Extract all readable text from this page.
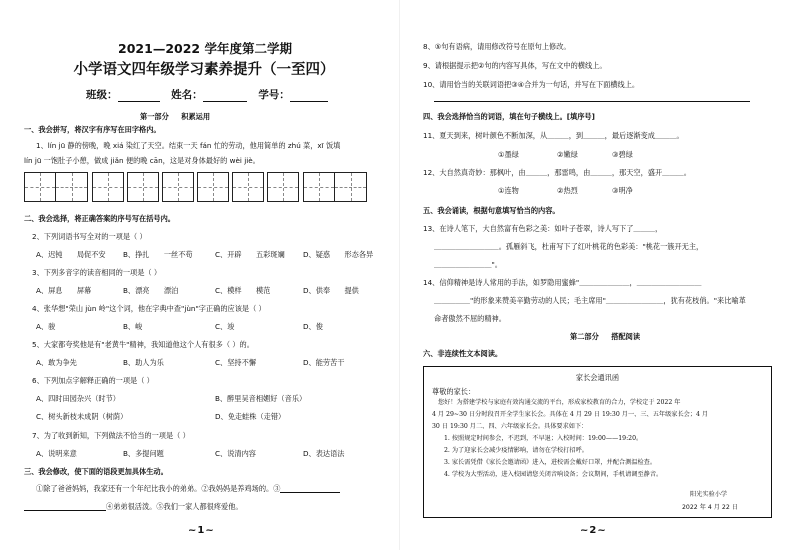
2021—2022 学年度第二学期
小学语文四年级学习素养提升（一至四）
班级：	姓名：	学号：
第一部分 积累运用
一、我会拼写，将汉字有序写在田字格内。
1、lín jū 静的傍晚，晚 xiá 染红了天空。结束一天 fán 忙的劳动，他用简单的 zhú 菜，xī 饭填
lín jū 一饱肚子小憩，做成 jiǎn 便的晚 cān，这是对身体最好的 wèi jiè。
二、我会选择，将正确答案的序号写在括号内。
2、下列词语书写全对的一项是（ ）
A、迟钝　　局促不安 B、挣扎　　一丝不苟	C、开辟　　五彩斑斓	D、疑惑　　形态各异
3、下列多音字的读音相同的一项是（ ）
A、屏息　　屏幕	B、漂亮　　漂泊	C、模样　　模范	D、供奉　　提供
4、张华想"荣山 jùn 岭"这个词，他在字典中查"jùn"字正确的应该是（ ）
A、骏	B、峻	C、竣	D、俊
5、大家都夸奖他是有"老黄牛"精神，我知道他这个人有很多（ ）的。
A、敢为争先	B、助人为乐	C、坚持不懈	D、能劳苦干
6、下列加点字解释正确的一项是（ ）
A、四时田园杂兴（时节）	B、醉里吴音相媚好（音乐）
C、树头新枝未成阴（树荫）	D、免走蛙株（走错）
7、为了收到新知，下列做法不恰当的一项是（ ）
A、说明来意	B、多提问题	C、说清内容	D、表达语法
三、我会修改，使下面的语段更加具体生动。
①除了爸爸妈妈，我家还有一个年纪比我小的弟弟。②我妈妈是养鸡场的。③
④弟弟很活泼。⑤我们一家人都很疼爱他。
~1~
8、⑤句有语病，请用修改符号在原句上修改。
9、请根据提示把②句的内容写具体，写在文中的横线上。
10、请用恰当的关联词语把③④合并为一句话，并写在下面横线上。
四、我会选择恰当的词语，填在句子横线上。[填序号]
11、夏天到来，树叶颜色不断加深，从＿＿＿，到＿＿＿，最后逐渐变成＿＿＿。
①墨绿	②嫩绿	③碧绿
12、大自然真奇妙：那枫叶，由＿＿＿，那雷鸣，由＿＿＿，那天空，盛开＿＿＿。
①连物	②热烈	③明净
五、我会诵读，根据句意填写恰当的内容。
13、在诗人笔下，大自然富有色彩之美：如叶子苍翠，诗人写下了＿＿＿，
＿＿＿＿＿＿＿＿＿。孤雁斜飞，杜甫写下了红叶桃花的色彩美："桃花一簇开无主，
＿＿＿＿＿＿＿＿"。
14、信仰精神是诗人常用的手法，如罗隐用蜜蜂"＿＿＿＿＿＿＿，＿＿＿＿＿＿＿＿＿
＿＿＿＿＿"的形象来赞美辛勤劳动的人民；毛主席用"＿＿＿＿＿＿＿＿，犹有花枝俏。"来比喻革
命者傲然不屈的精神。
第二部分 搭配阅读
六、非连续性文本阅读。
家长会通讯函
尊敬的家长：
您好！为搭建学校与家庭有效沟通交流的平台，形成家校教育的合力，学校定于 2022 年
4 月 29~30 日分时段召开全学生家长会。具体在 4 月 29 日 19:30 月一、三、五年级家长会；4 月
30 日 19:30 月二、四、六年级家长会。具体要求如下：
1. 按照规定时间参会，不迟到，不早退；入校时间：19:00——19:20。
2. 为了迎家长会减少疫情影响，请勿在学校打招呼。
3. 家长需凭借《家长会邀请函》进入，进校需会戴好口罩，并配合测温检查。
4. 学校为大型活动，进入校园请您关闭音响设备；会议期间，手机请调至静音。
阳光实验小学
2022 年 4 月 22 日
~2~
